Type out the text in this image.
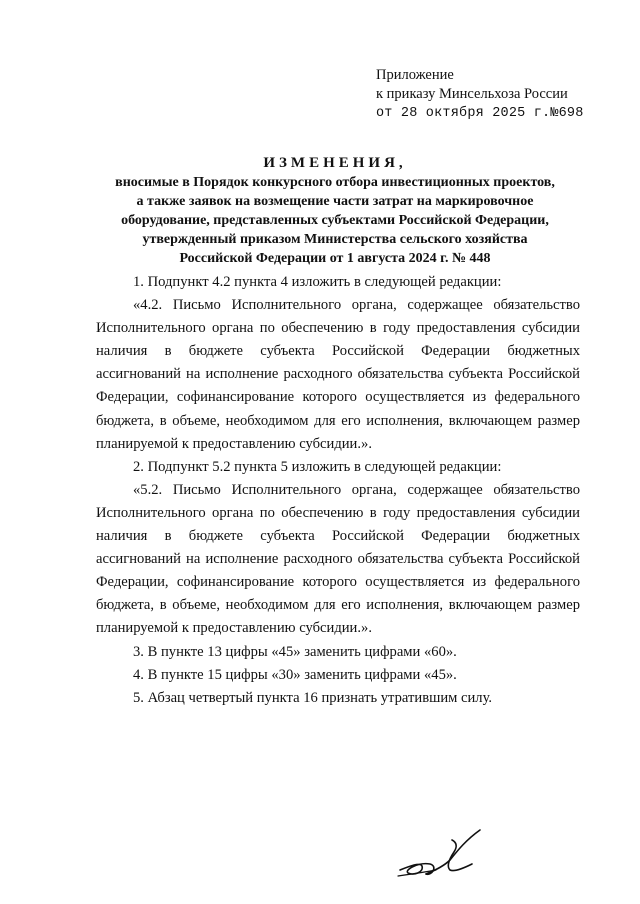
Приложение
к приказу Минсельхоза России
от 28 октября 2025 г.№698
ИЗМЕНЕНИЯ,
вносимые в Порядок конкурсного отбора инвестиционных проектов,
а также заявок на возмещение части затрат на маркировочное
оборудование, представленных субъектами Российской Федерации,
утвержденный приказом Министерства сельского хозяйства
Российской Федерации от 1 августа 2024 г. № 448

1. Подпункт 4.2 пункта 4 изложить в следующей редакции:

«4.2. Письмо Исполнительного органа, содержащее обязательство Исполнительного органа по обеспечению в году предоставления субсидии наличия в бюджете субъекта Российской Федерации бюджетных ассигнований на исполнение расходного обязательства субъекта Российской Федерации, софинансирование которого осуществляется из федерального бюджета, в объеме, необходимом для его исполнения, включающем размер планируемой к предоставлению субсидии.».

2. Подпункт 5.2 пункта 5 изложить в следующей редакции:

«5.2. Письмо Исполнительного органа, содержащее обязательство Исполнительного органа по обеспечению в году предоставления субсидии наличия в бюджете субъекта Российской Федерации бюджетных ассигнований на исполнение расходного обязательства субъекта Российской Федерации, софинансирование которого осуществляется из федерального бюджета, в объеме, необходимом для его исполнения, включающем размер планируемой к предоставлению субсидии.».

3. В пункте 13 цифры «45» заменить цифрами «60».

4. В пункте 15 цифры «30» заменить цифрами «45».

5. Абзац четвертый пункта 16 признать утратившим силу.
